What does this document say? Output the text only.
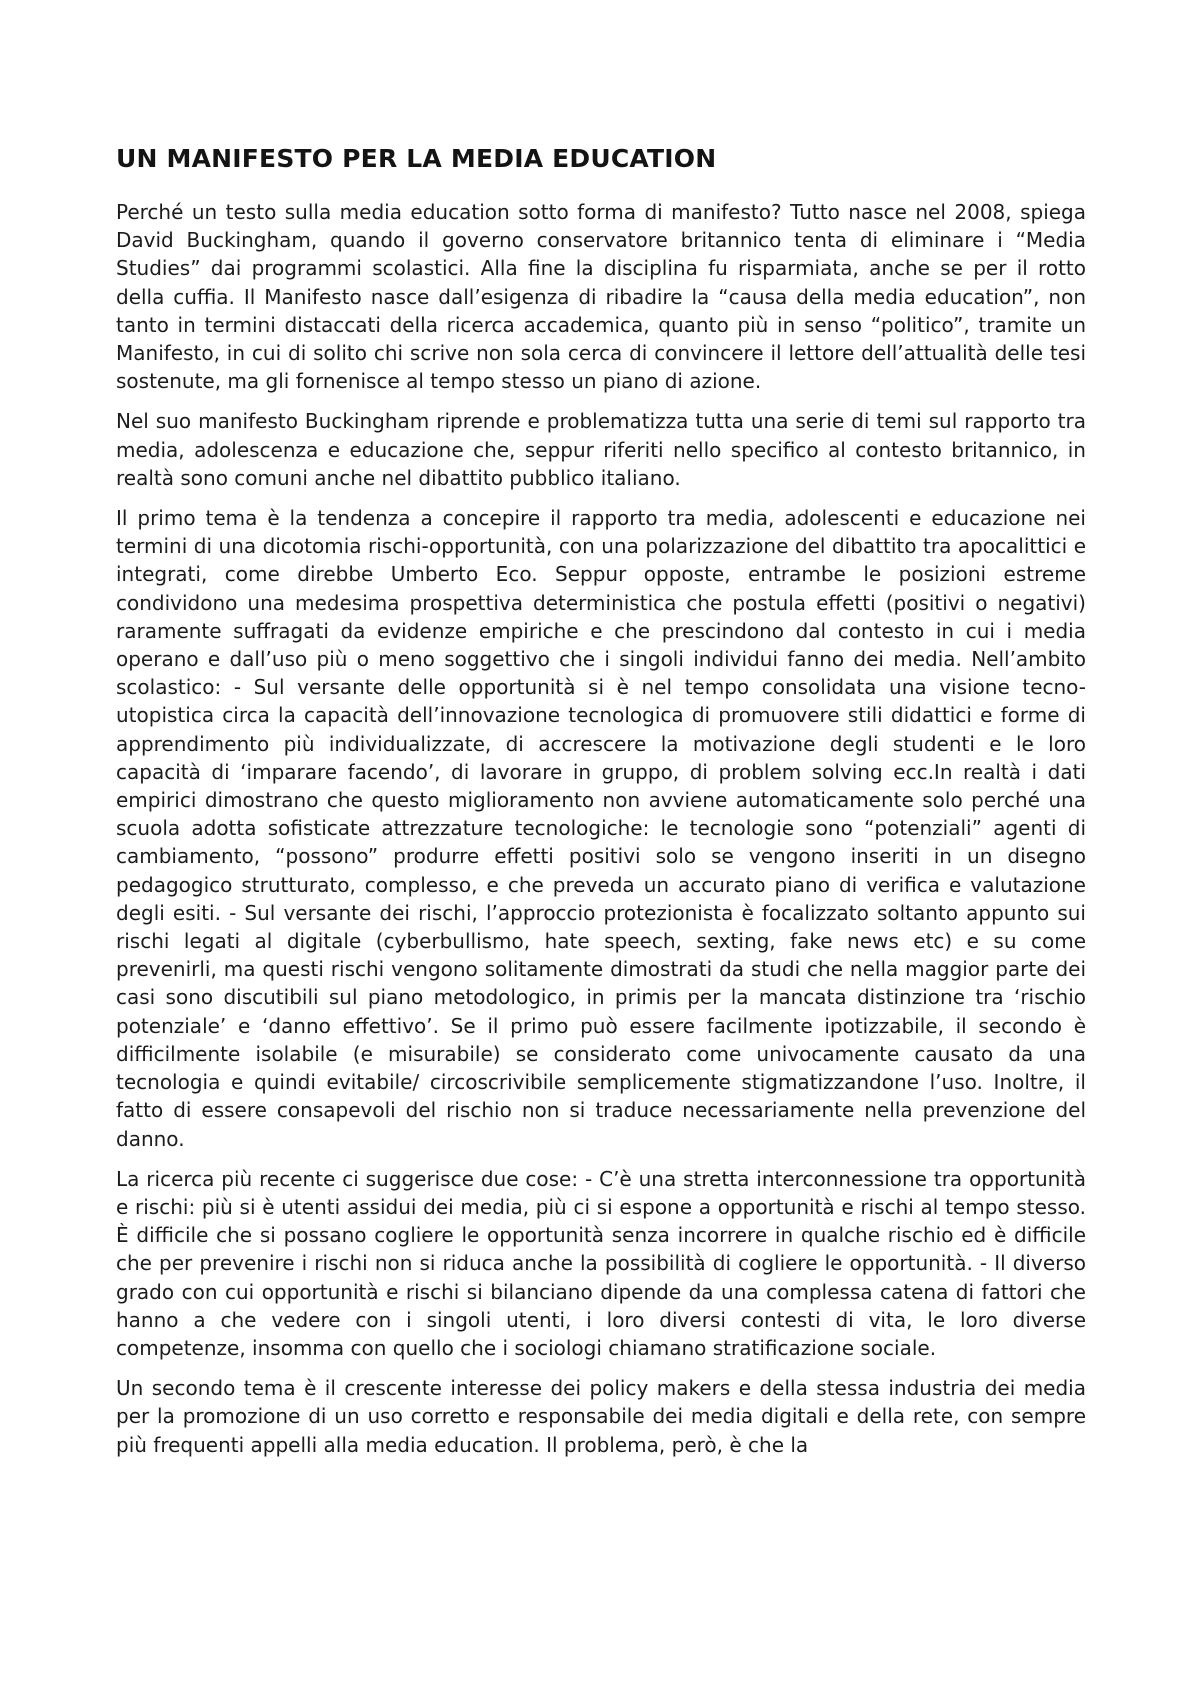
UN MANIFESTO PER LA MEDIA EDUCATION

Perché un testo sulla media education sotto forma di manifesto? Tutto nasce nel 2008, spiega David Buckingham, quando il governo conservatore britannico tenta di eliminare i “Media Studies” dai programmi scolastici. Alla fine la disciplina fu risparmiata, anche se per il rotto della cuffia. Il Manifesto nasce dall’esigenza di ribadire la “causa della media education”, non tanto in termini distaccati della ricerca accademica, quanto più in senso “politico”, tramite un Manifesto, in cui di solito chi scrive non sola cerca di convincere il lettore dell’attualità delle tesi sostenute, ma gli fornenisce al tempo stesso un piano di azione.

Nel suo manifesto Buckingham riprende e problematizza tutta una serie di temi sul rapporto tra media, adolescenza e educazione che, seppur riferiti nello specifico al contesto britannico, in realtà sono comuni anche nel dibattito pubblico italiano.

Il primo tema è la tendenza a concepire il rapporto tra media, adolescenti e educazione nei termini di una dicotomia rischi-opportunità, con una polarizzazione del dibattito tra apocalittici e integrati, come direbbe Umberto Eco. Seppur opposte, entrambe le posizioni estreme condividono una medesima prospettiva deterministica che postula effetti (positivi o negativi) raramente suffragati da evidenze empiriche e che prescindono dal contesto in cui i media operano e dall’uso più o meno soggettivo che i singoli individui fanno dei media. Nell’ambito scolastico: - Sul versante delle opportunità si è nel tempo consolidata una visione tecno-utopistica circa la capacità dell’innovazione tecnologica di promuovere stili didattici e forme di apprendimento più individualizzate, di accrescere la motivazione degli studenti e le loro capacità di ‘imparare facendo’, di lavorare in gruppo, di problem solving ecc.In realtà i dati empirici dimostrano che questo miglioramento non avviene automaticamente solo perché una scuola adotta sofisticate attrezzature tecnologiche: le tecnologie sono “potenziali” agenti di cambiamento, “possono” produrre effetti positivi solo se vengono inseriti in un disegno pedagogico strutturato, complesso, e che preveda un accurato piano di verifica e valutazione degli esiti. - Sul versante dei rischi, l’approccio protezionista è focalizzato soltanto appunto sui rischi legati al digitale (cyberbullismo, hate speech, sexting, fake news etc) e su come prevenirli, ma questi rischi vengono solitamente dimostrati da studi che nella maggior parte dei casi sono discutibili sul piano metodologico, in primis per la mancata distinzione tra ‘rischio potenziale’ e ‘danno effettivo’. Se il primo può essere facilmente ipotizzabile, il secondo è difficilmente isolabile (e misurabile) se considerato come univocamente causato da una tecnologia e quindi evitabile/ circoscrivibile semplicemente stigmatizzandone l’uso. Inoltre, il fatto di essere consapevoli del rischio non si traduce necessariamente nella prevenzione del danno.

La ricerca più recente ci suggerisce due cose: - C’è una stretta interconnessione tra opportunità e rischi: più si è utenti assidui dei media, più ci si espone a opportunità e rischi al tempo stesso. È difficile che si possano cogliere le opportunità senza incorrere in qualche rischio ed è difficile che per prevenire i rischi non si riduca anche la possibilità di cogliere le opportunità. - Il diverso grado con cui opportunità e rischi si bilanciano dipende da una complessa catena di fattori che hanno a che vedere con i singoli utenti, i loro diversi contesti di vita, le loro diverse competenze, insomma con quello che i sociologi chiamano stratificazione sociale.

Un secondo tema è il crescente interesse dei policy makers e della stessa industria dei media per la promozione di un uso corretto e responsabile dei media digitali e della rete, con sempre più frequenti appelli alla media education. Il problema, però, è che la
